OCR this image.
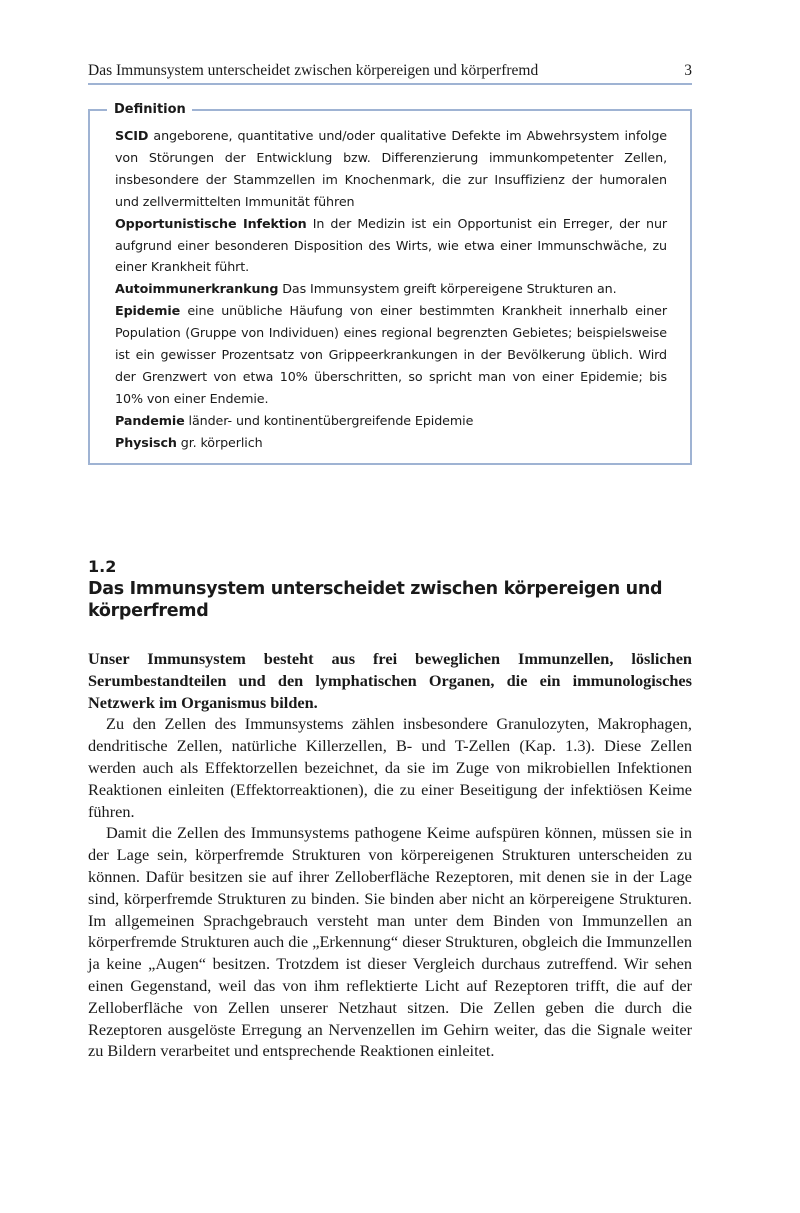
Das Immunsystem unterscheidet zwischen körpereigen und körperfremd	3
Definition

SCID angeborene, quantitative und/oder qualitative Defekte im Abwehrsystem infolge von Störungen der Entwicklung bzw. Differenzierung immunkompetenter Zellen, insbesondere der Stammzellen im Knochenmark, die zur Insuffizienz der humoralen und zellvermittelten Immunität führen

Opportunistische Infektion In der Medizin ist ein Opportunist ein Erreger, der nur aufgrund einer besonderen Disposition des Wirts, wie etwa einer Immunschwäche, zu einer Krankheit führt.

Autoimmunerkrankung Das Immunsystem greift körpereigene Strukturen an.

Epidemie eine unübliche Häufung von einer bestimmten Krankheit innerhalb einer Population (Gruppe von Individuen) eines regional begrenzten Gebietes; beispielsweise ist ein gewisser Prozentsatz von Grippeerkrankungen in der Bevölkerung üblich. Wird der Grenzwert von etwa 10% überschritten, so spricht man von einer Epidemie; bis 10% von einer Endemie.

Pandemie länder- und kontinentübergreifende Epidemie

Physisch gr. körperlich

1.2
Das Immunsystem unterscheidet zwischen körpereigen und körperfremd

Unser Immunsystem besteht aus frei beweglichen Immunzellen, löslichen Serumbestandteilen und den lymphatischen Organen, die ein immunologisches Netzwerk im Organismus bilden.

Zu den Zellen des Immunsystems zählen insbesondere Granulozyten, Makrophagen, dendritische Zellen, natürliche Killerzellen, B- und T-Zellen (Kap. 1.3). Diese Zellen werden auch als Effektorzellen bezeichnet, da sie im Zuge von mikrobiellen Infektionen Reaktionen einleiten (Effektorreaktionen), die zu einer Beseitigung der infektiösen Keime führen.

Damit die Zellen des Immunsystems pathogene Keime aufspüren können, müssen sie in der Lage sein, körperfremde Strukturen von körpereigenen Strukturen unterscheiden zu können. Dafür besitzen sie auf ihrer Zelloberfläche Rezeptoren, mit denen sie in der Lage sind, körperfremde Strukturen zu binden. Sie binden aber nicht an körpereigene Strukturen. Im allgemeinen Sprachgebrauch versteht man unter dem Binden von Immunzellen an körperfremde Strukturen auch die „Erkennung“ dieser Strukturen, obgleich die Immunzellen ja keine „Augen“ besitzen. Trotzdem ist dieser Vergleich durchaus zutreffend. Wir sehen einen Gegenstand, weil das von ihm reflektierte Licht auf Rezeptoren trifft, die auf der Zelloberfläche von Zellen unserer Netzhaut sitzen. Die Zellen geben die durch die Rezeptoren ausgelöste Erregung an Nervenzellen im Gehirn weiter, das die Signale weiter zu Bildern verarbeitet und entsprechende Reaktionen einleitet.
